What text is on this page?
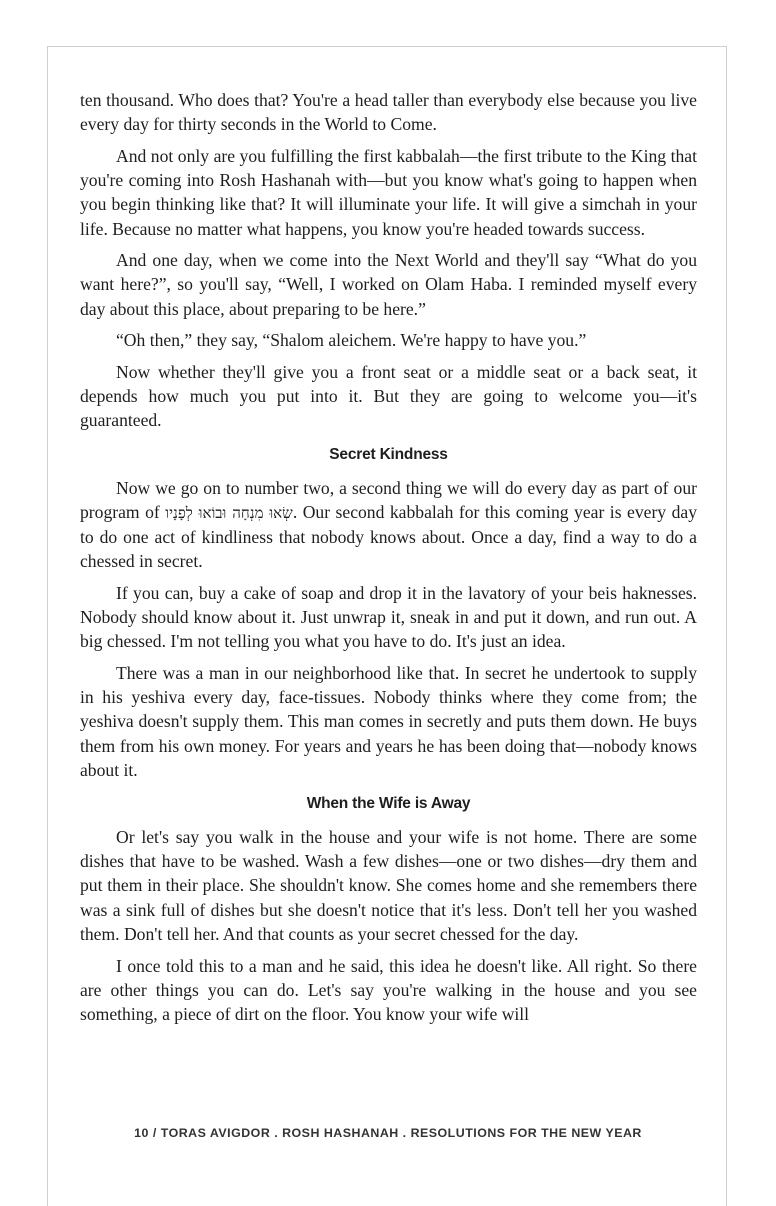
ten thousand. Who does that? You're a head taller than everybody else because you live every day for thirty seconds in the World to Come.

And not only are you fulfilling the first kabbalah—the first tribute to the King that you're coming into Rosh Hashanah with—but you know what's going to happen when you begin thinking like that? It will illuminate your life. It will give a simchah in your life. Because no matter what happens, you know you're headed towards success.

And one day, when we come into the Next World and they'll say “What do you want here?”, so you'll say, “Well, I worked on Olam Haba. I reminded myself every day about this place, about preparing to be here.”

“Oh then,” they say, “Shalom aleichem. We're happy to have you.”

Now whether they'll give you a front seat or a middle seat or a back seat, it depends how much you put into it. But they are going to welcome you—it's guaranteed.

Secret Kindness

Now we go on to number two, a second thing we will do every day as part of our program of שְׂאוּ מִנְחָה וּבוֹאוּ לְפָנָיו. Our second kabbalah for this coming year is every day to do one act of kindliness that nobody knows about. Once a day, find a way to do a chessed in secret.

If you can, buy a cake of soap and drop it in the lavatory of your beis haknesses. Nobody should know about it. Just unwrap it, sneak in and put it down, and run out. A big chessed. I'm not telling you what you have to do. It's just an idea.

There was a man in our neighborhood like that. In secret he undertook to supply in his yeshiva every day, face-tissues. Nobody thinks where they come from; the yeshiva doesn't supply them. This man comes in secretly and puts them down. He buys them from his own money. For years and years he has been doing that—nobody knows about it.

When the Wife is Away

Or let's say you walk in the house and your wife is not home. There are some dishes that have to be washed. Wash a few dishes—one or two dishes—dry them and put them in their place. She shouldn't know. She comes home and she remembers there was a sink full of dishes but she doesn't notice that it's less. Don't tell her you washed them. Don't tell her. And that counts as your secret chessed for the day.

I once told this to a man and he said, this idea he doesn't like. All right. So there are other things you can do. Let's say you're walking in the house and you see something, a piece of dirt on the floor. You know your wife will

10 / TORAS AVIGDOR . ROSH HASHANAH . RESOLUTIONS FOR THE NEW YEAR
